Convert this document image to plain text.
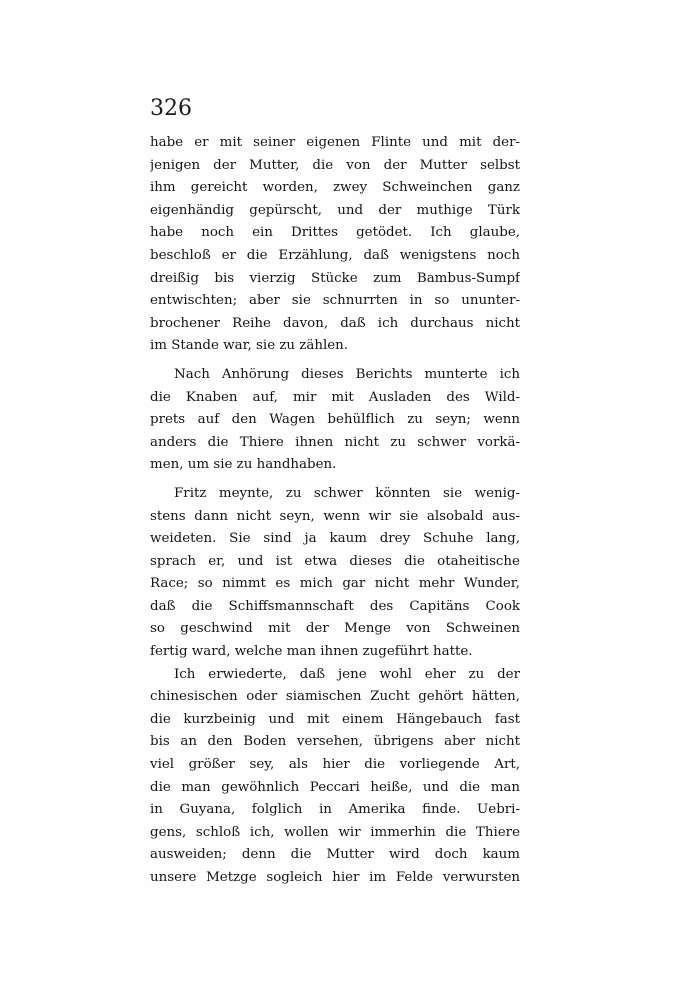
326
habe er mit seiner eigenen Flinte und mit der-
jenigen der Mutter, die von der Mutter selbst
ihm gereicht worden, zwey Schweinchen ganz
eigenhändig gepürscht, und der muthige Türk
habe noch ein Drittes getödet. Ich glaube,
beschloß er die Erzählung, daß wenigstens noch
dreißig bis vierzig Stücke zum Bambus-Sumpf
entwischten; aber sie schnurrten in so ununter-
brochener Reihe davon, daß ich durchaus nicht
im Stande war, sie zu zählen.
Nach Anhörung dieses Berichts munterte ich
die Knaben auf, mir mit Ausladen des Wild-
prets auf den Wagen behülflich zu seyn; wenn
anders die Thiere ihnen nicht zu schwer vorkä-
men, um sie zu handhaben.
Fritz meynte, zu schwer könnten sie wenig-
stens dann nicht seyn, wenn wir sie alsobald aus-
weideten. Sie sind ja kaum drey Schuhe lang,
sprach er, und ist etwa dieses die otaheitische
Race; so nimmt es mich gar nicht mehr Wunder,
daß die Schiffsmannschaft des Capitäns Cook
so geschwind mit der Menge von Schweinen
fertig ward, welche man ihnen zugeführt hatte.
Ich erwiederte, daß jene wohl eher zu der
chinesischen oder siamischen Zucht gehört hätten,
die kurzbeinig und mit einem Hängebauch fast
bis an den Boden versehen, übrigens aber nicht
viel größer sey, als hier die vorliegende Art,
die man gewöhnlich Peccari heiße, und die man
in Guyana, folglich in Amerika finde. Uebri-
gens, schloß ich, wollen wir immerhin die Thiere
ausweiden; denn die Mutter wird doch kaum
unsere Metzge sogleich hier im Felde verwursten
